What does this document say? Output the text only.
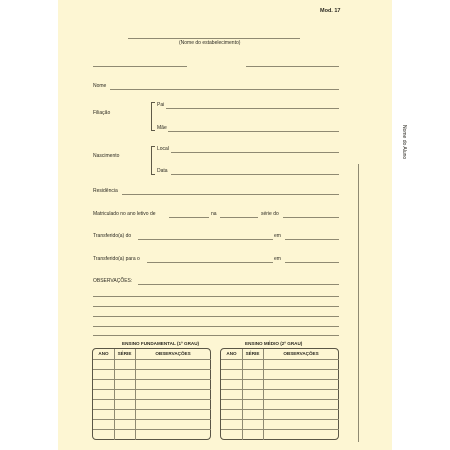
Mod. 17
(Nome do estabelecimento)
Nome
Filiação
Pai
Mãe
Nascimento
Local
Data
Residência
Matriculado no ano letivo de	na	série do
Transferido(a) do	em
Transferido(a) para o	em
OBSERVAÇÕES:
ENSINO FUNDAMENTAL (1º GRAU)
ANO	SÉRIE	OBSERVAÇÕES
ENSINO MÉDIO (2º GRAU)
ANO	SÉRIE	OBSERVAÇÕES
Nome do Aluno
